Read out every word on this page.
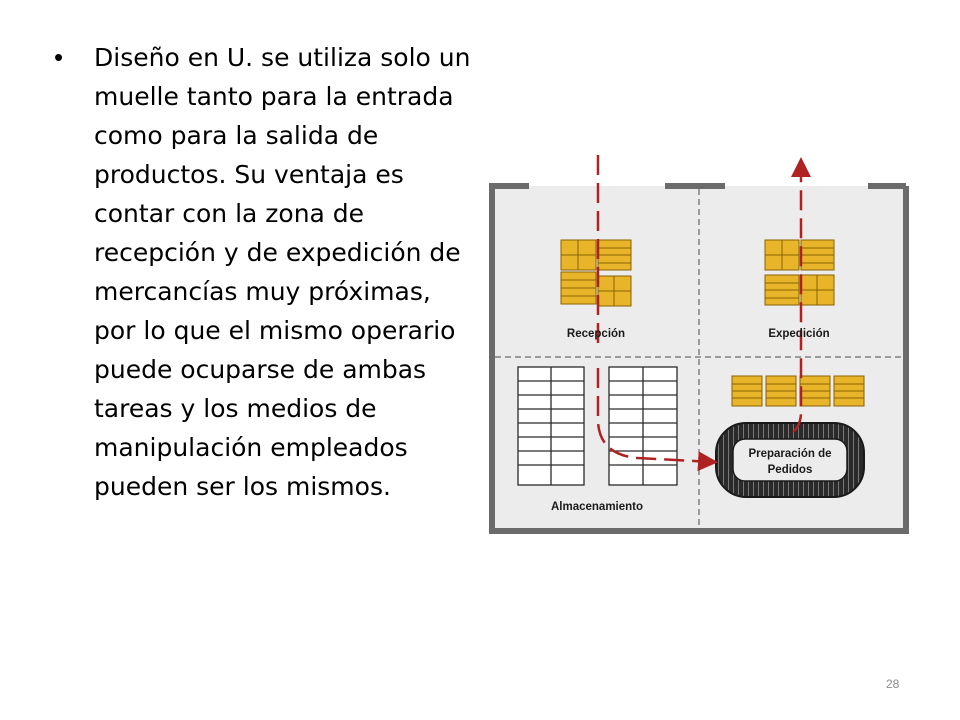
• Diseño en U. se utiliza solo un muelle tanto para la entrada como para la salida de productos. Su ventaja es contar con la zona de recepción y de expedición de mercancías muy próximas, por lo que el mismo operario puede ocuparse de ambas tareas y los medios de manipulación empleados pueden ser los mismos.
Recepción	Expedición
Almacenamiento
Preparación de
Pedidos
28
